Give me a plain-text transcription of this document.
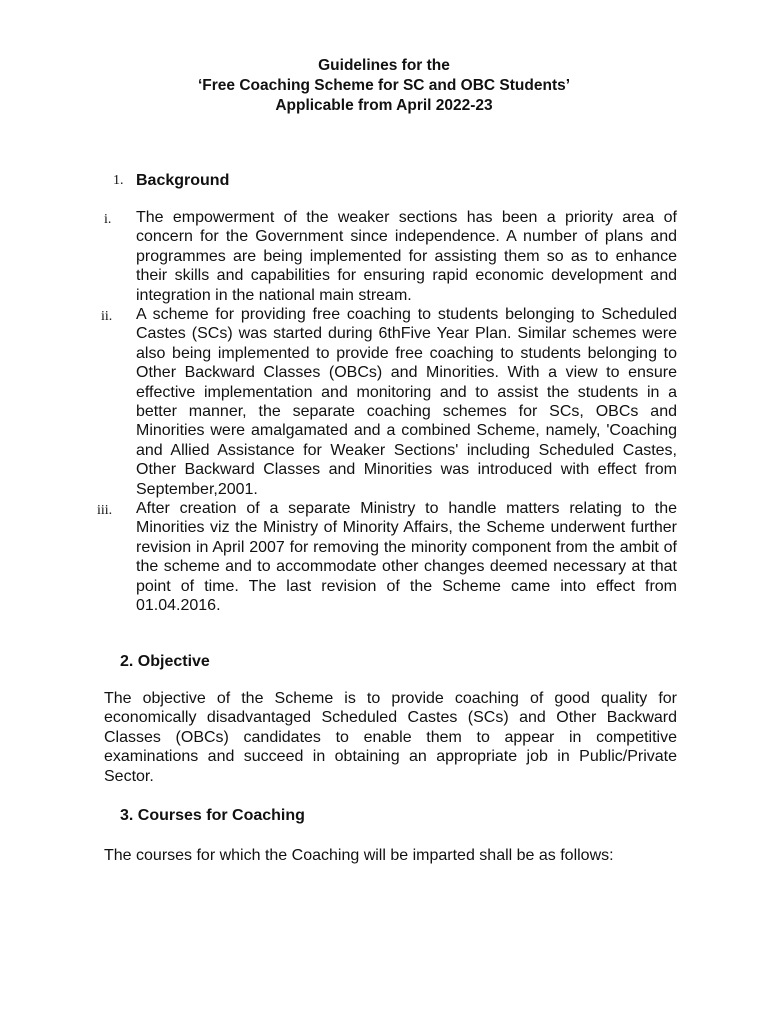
Guidelines for the
‘Free Coaching Scheme for SC and OBC Students’
Applicable from April 2022-23
1. Background
i. The empowerment of the weaker sections has been a priority area of concern for the Government since independence. A number of plans and programmes are being implemented for assisting them so as to enhance their skills and capabilities for ensuring rapid economic development and integration in the national main stream.

ii. A scheme for providing free coaching to students belonging to Scheduled Castes (SCs) was started during 6thFive Year Plan. Similar schemes were also being implemented to provide free coaching to students belonging to Other Backward Classes (OBCs) and Minorities. With a view to ensure effective implementation and monitoring and to assist the students in a better manner, the separate coaching schemes for SCs, OBCs and Minorities were amalgamated and a combined Scheme, namely, 'Coaching and Allied Assistance for Weaker Sections' including Scheduled Castes, Other Backward Classes and Minorities was introduced with effect from September,2001.

iii. After creation of a separate Ministry to handle matters relating to the Minorities viz the Ministry of Minority Affairs, the Scheme underwent further revision in April 2007 for removing the minority component from the ambit of the scheme and to accommodate other changes deemed necessary at that point of time. The last revision of the Scheme came into effect from 01.04.2016.

2. Objective

The objective of the Scheme is to provide coaching of good quality for economically disadvantaged Scheduled Castes (SCs) and Other Backward Classes (OBCs) candidates to enable them to appear in competitive examinations and succeed in obtaining an appropriate job in Public/Private Sector.

3. Courses for Coaching

The courses for which the Coaching will be imparted shall be as follows:
